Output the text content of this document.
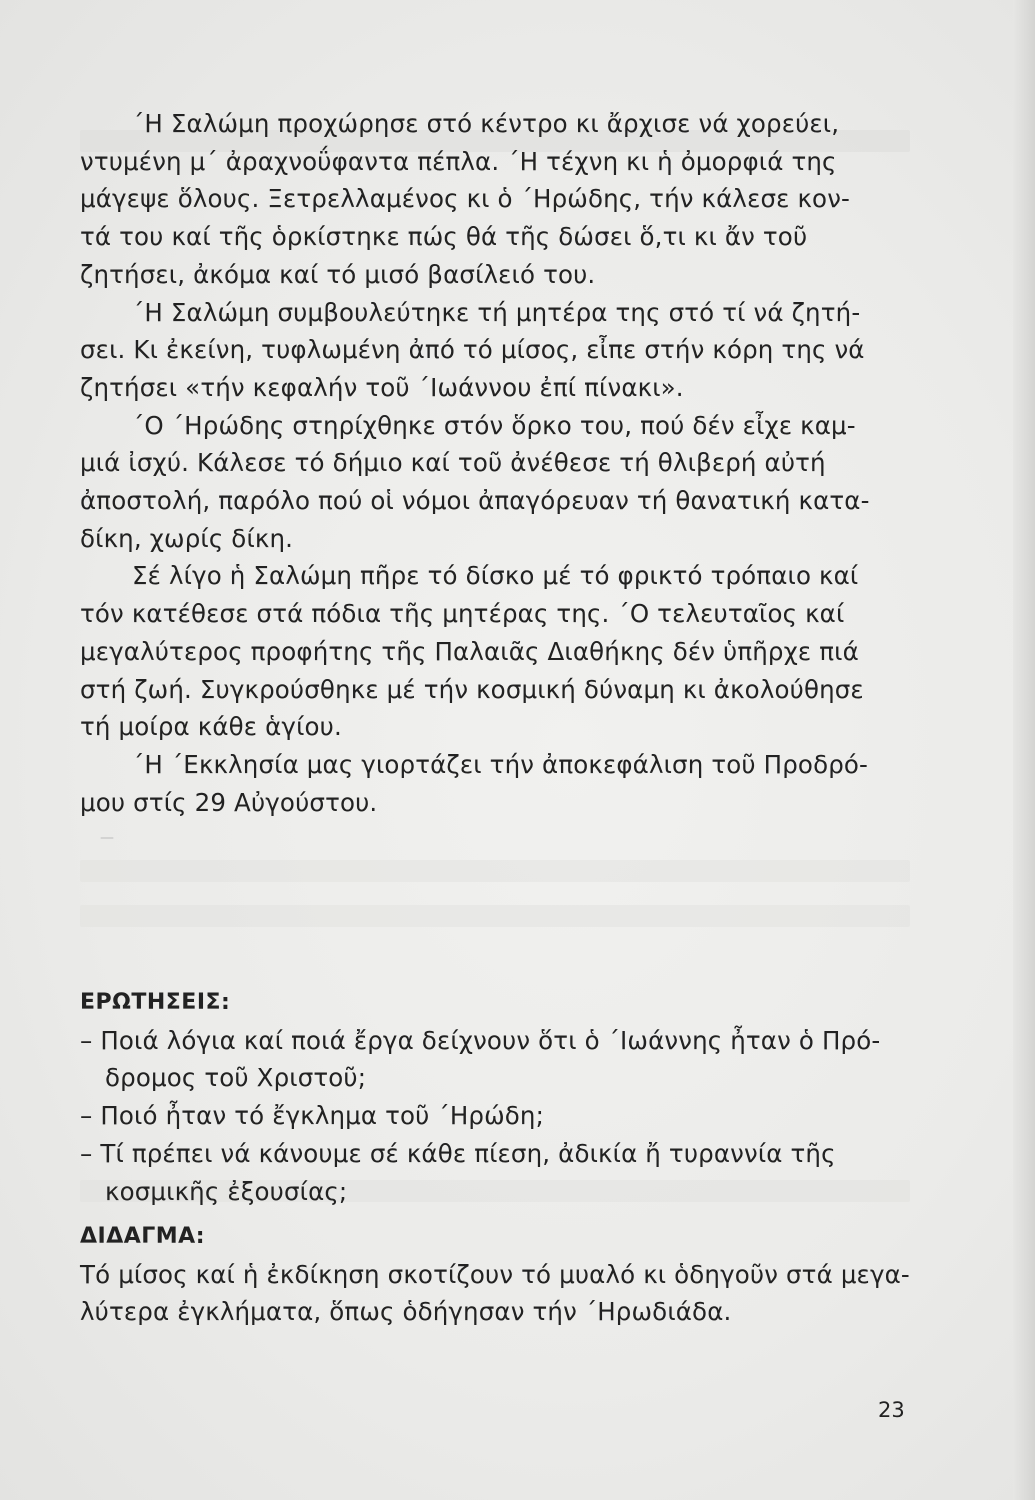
—
΄Η Σαλώμη προχώρησε στό κέντρο κι ἄρχισε νά χορεύει,
ντυμένη μ΄ ἀραχνοΰφαντα πέπλα. ΄Η τέχνη κι ἡ ὀμορφιά της
μάγεψε ὅλους. Ξετρελλαμένος κι ὁ ΄Ηρώδης, τήν κάλεσε κον-
τά του καί τῆς ὁρκίστηκε πώς θά τῆς δώσει ὅ,τι κι ἄν τοῦ
ζητήσει, ἀκόμα καί τό μισό βασίλειό του.
΄Η Σαλώμη συμβουλεύτηκε τή μητέρα της στό τί νά ζητή-
σει. Κι ἐκείνη, τυφλωμένη ἀπό τό μίσος, εἶπε στήν κόρη της νά
ζητήσει «τήν κεφαλήν τοῦ ΄Ιωάννου ἐπί πίνακι».
΄Ο ΄Ηρώδης στηρίχθηκε στόν ὅρκο του, πού δέν εἶχε καμ-
μιά ἰσχύ. Κάλεσε τό δήμιο καί τοῦ ἀνέθεσε τή θλιβερή αὐτή
ἀποστολή, παρόλο πού οἱ νόμοι ἀπαγόρευαν τή θανατική κατα-
δίκη, χωρίς δίκη.
Σέ λίγο ἡ Σαλώμη πῆρε τό δίσκο μέ τό φρικτό τρόπαιο καί
τόν κατέθεσε στά πόδια τῆς μητέρας της. ΄Ο τελευταῖος καί
μεγαλύτερος προφήτης τῆς Παλαιᾶς Διαθήκης δέν ὑπῆρχε πιά
στή ζωή. Συγκρούσθηκε μέ τήν κοσμική δύναμη κι ἀκολούθησε
τή μοίρα κάθε ἁγίου.
΄Η ΄Εκκλησία μας γιορτάζει τήν ἀποκεφάλιση τοῦ Προδρό-
μου στίς 29 Αὐγούστου.
ΕΡΩΤΗΣΕΙΣ:
– Ποιά λόγια καί ποιά ἔργα δείχνουν ὅτι ὁ ΄Ιωάννης ἦταν ὁ Πρό-
δρομος τοῦ Χριστοῦ;
– Ποιό ἦταν τό ἔγκλημα τοῦ ΄Ηρώδη;
– Τί πρέπει νά κάνουμε σέ κάθε πίεση, ἀδικία ἤ τυραννία τῆς
κοσμικῆς ἐξουσίας;
ΔΙΔΑΓΜΑ:
Τό μίσος καί ἡ ἐκδίκηση σκοτίζουν τό μυαλό κι ὁδηγοῦν στά μεγα-
λύτερα ἐγκλήματα, ὅπως ὁδήγησαν τήν ΄Ηρωδιάδα.
23
